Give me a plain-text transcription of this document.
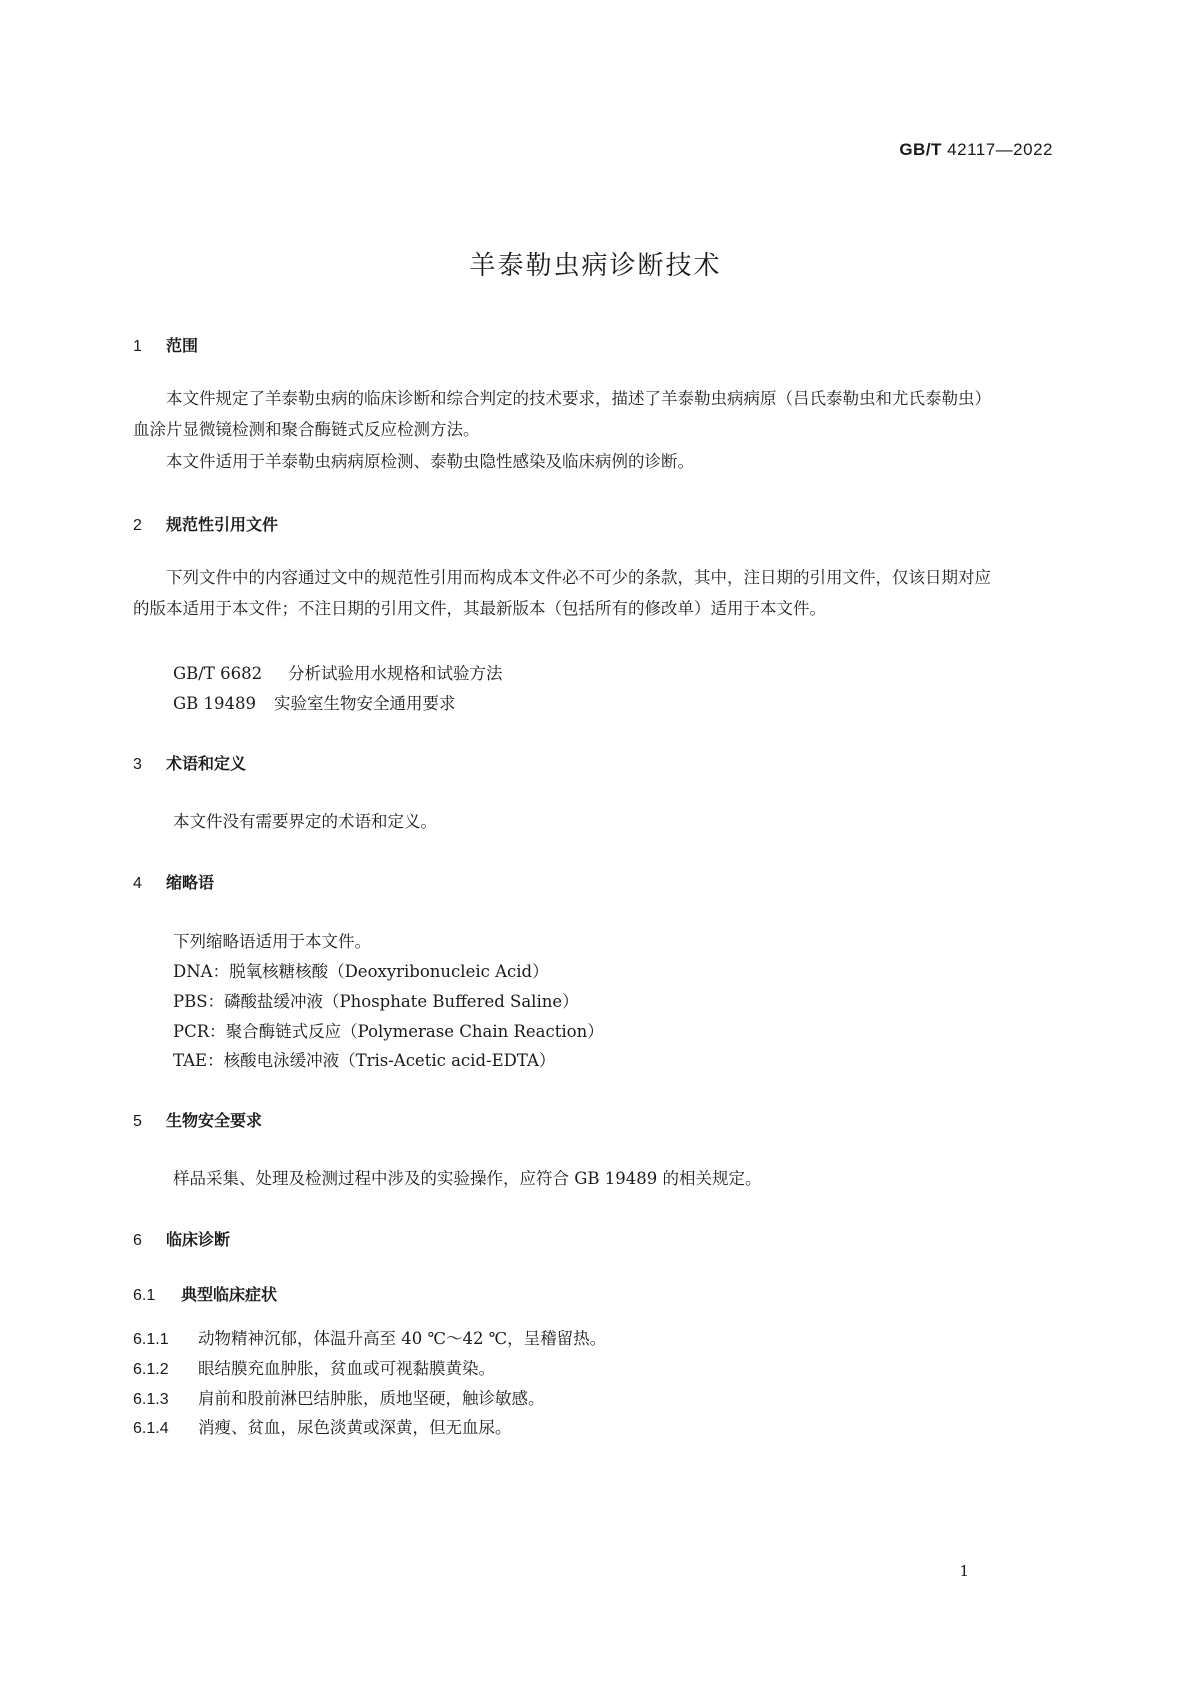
GB/T 42117—2022
羊泰勒虫病诊断技术
1 范围
本文件规定了羊泰勒虫病的临床诊断和综合判定的技术要求，描述了羊泰勒虫病病原（吕氏泰勒虫和尤氏泰勒虫）血涂片显微镜检测和聚合酶链式反应检测方法。
本文件适用于羊泰勒虫病病原检测、泰勒虫隐性感染及临床病例的诊断。
2 规范性引用文件
下列文件中的内容通过文中的规范性引用而构成本文件必不可少的条款，其中，注日期的引用文件，仅该日期对应的版本适用于本文件；不注日期的引用文件，其最新版本（包括所有的修改单）适用于本文件。
GB/T 6682 分析试验用水规格和试验方法
GB 19489 实验室生物安全通用要求
3 术语和定义
本文件没有需要界定的术语和定义。
4 缩略语
下列缩略语适用于本文件。
DNA：脱氧核糖核酸（Deoxyribonucleic Acid）
PBS：磷酸盐缓冲液（Phosphate Buffered Saline）
PCR：聚合酶链式反应（Polymerase Chain Reaction）
TAE：核酸电泳缓冲液（Tris-Acetic acid-EDTA）
5 生物安全要求
样品采集、处理及检测过程中涉及的实验操作，应符合 GB 19489 的相关规定。
6 临床诊断
6.1 典型临床症状
6.1.1 动物精神沉郁，体温升高至 40 ℃～42 ℃，呈稽留热。
6.1.2 眼结膜充血肿胀，贫血或可视黏膜黄染。
6.1.3 肩前和股前淋巴结肿胀，质地坚硬，触诊敏感。
6.1.4 消瘦、贫血，尿色淡黄或深黄，但无血尿。
1
